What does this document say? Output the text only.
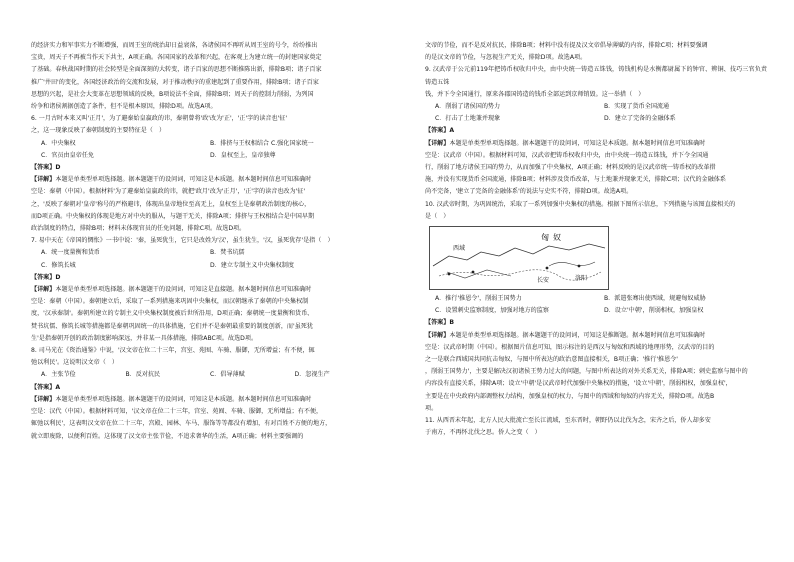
的经济实力和军事实力不断增强，而周王室的统治却日益衰落，各诸侯国不再听从周王室的号令，纷纷推出

宝贵，周天子不再被当作天下共主，A项正确。各国国家的改革和兴起，在客观上为建立统一的封建国家奠定

了基础。春秋战国时期的社会转型是全面深刻的大转变，诸子百家的思想不断推陈出新，排除B项；诸子百家

推广'井田'的变化，各国经济政治的交流和发展，对于推动秩序的重建起到了重要作用，排除B项；诸子百家

思想的兴起，是社会大变革在思想领域的反映，B项说法不全面，排除B项；周天子的控制力削弱，为列国

纷争和诸侯割据创造了条件，但不是根本原因，排除D项。故选A项。

6. 一月古时本来又叫'正月'，为了避秦始皇嬴政的讳，秦朝曾将'政'改为'正'，'正'字的读音也'征'

之，这一现象反映了秦朝制度的主要特征是（　）

A．中央集权	B．排挤与王权相结合 C.强化国家统一
C．官员由皇帝任免	D．皇权至上，皇帝独尊

【答案】D

【详解】本题是单类型单项选择题。据本题题干的设问词，可知这是本质题。据本题时间信息可知准确时

空是：秦朝（中国）。根据材料'为了避秦始皇嬴政的讳，就把'政月'改为'正月'，'正'字的读音也改为'征'

之，'反映了秦朝对'皇帝'称号的严格避讳，体现出皇帝地位至高无上，皇权至上是秦朝政治制度的核心，

而D项正确。中央集权的体现是地方对中央的服从，与题干无关，排除A项；排挤与王权相结合是中国早期

政治制度的特点，排除B项；材料未体现官员的任免问题，排除C项。故选D项。

7. 易中天在《帝国的惆怅》一书中说：'秦，虽死犹生，它只是改姓为'汉'，虽生犹生，'汉，虽死犹存'是指（　）

A．统一度量衡和货币	B．焚书坑儒
C．修筑长城	D．建立专制主义中央集权制度

【答案】D

【详解】本题是单类型单项选择题。据本题题干的设问词，可知这是直接题。据本题时间信息可知准确时

空是：秦朝（中国）。秦朝建立后，采取了一系列措施来巩固中央集权，而汉朝继承了秦朝的中央集权制

度，'汉承秦制'。秦朝所建立的专制主义中央集权制度被后世所沿用，D项正确；秦朝统一度量衡和货币、

焚书坑儒、修筑长城等措施都是秦朝巩固统一的具体措施，它们并不是秦朝最重要的制度创新，而'虽死犹

生'是指秦朝开创的政治制度影响深远，并非某一具体措施，排除ABC项。故选D项。

8. 司马光在《资治通鉴》中说，'汉文帝在位二十三年，宫室、苑囿、车骑、服御，无所增益；有不便，辄

弛以利民'。这说明汉文帝（　）

A．主张节俭	B．反对抗民	C．倡导薄赋	D．忽视生产

【答案】A

【详解】本题是单类型单项选择题。据本题题干的设问词，可知这是本质题。据本题时间信息可知准确时

空是：汉代（中国）。根据材料可知，'汉文帝在位二十三年，宫室、苑囿、车骑、服御，无所增益；有不便，

辄弛以利民'，这表明汉文帝在位二十三年，宫殿、园林、车马、服饰等等都没有增加，有对百姓不方便的地方，

就立即废除，以便利百姓。这体现了汉文帝主张节俭，不追求奢华的生活，A项正确；材料主要强调的

文帝的节俭，而不是反对抗民，排除B项；材料中没有提及汉文帝倡导薄赋的内容，排除C项；材料要强调

的是汉文帝的节俭，与忽视生产无关，排除D项。故选A项。

9. 汉武帝于公元前119年把铸币权收归中央，由中央统一铸造五铢钱，铸钱机构是水衡都尉属下的钟官、辨铜、技巧三官负责铸造五铢

钱，并下令全国通行，原来各郡国铸造的钱币全部运到京师销毁。这一举措（　）

A．削弱了诸侯国的势力	B．实现了货币全国流通
C．打击了土地兼并现象	D．建立了完备的金融体系

【答案】A

【详解】本题是单类型单项选择题。据本题题干的设问词，可知这是本质题。据本题时间信息可知准确时

空是：汉武帝（中国）。根据材料可知，汉武帝把铸币权收归中央，由中央统一铸造五铢钱，并下令全国通

行，削弱了地方诸侯王国的势力，从而加强了中央集权，A项正确；材料反映的是汉武帝统一铸币权的改革措

施，并没有实现货币全国流通，排除B项；材料涉及货币改革，与土地兼并现象无关，排除C项；汉代的金融体系

尚不完备，'建立了完备的金融体系'的说法与史实不符，排除D项。故选A项。

10. 汉武帝时期，为巩固统治，采取了一系列加强中央集权的措施。根据下图所示信息，下列措施与该图直接相关的

是（　）

匈 奴
长安
西域
洛阳
A．推行'推恩令'，削弱王国势力	B．派遣张骞出使西域，规避匈奴威胁
C．设置刺史监察制度，加强对地方的监察	D．设立'中朝'，削弱相权，加强皇权

【答案】B

【详解】本题是单类型单项选择题。据本题题干的设问词，可知这是推断题。据本题时间信息可知准确时

空是：汉武帝时期（中国）。根据图片信息可知，图示标注的是西汉与匈奴和西域的地理形势，汉武帝的目的

之一是联合西域国共同抗击匈奴，与图中所表达的政治意图直接相关，B项正确；'推行'推恩令'

，削弱王国势力'，主要是解决汉初诸侯王势力过大的问题，与图中所表达的对外关系无关，排除A项；刺史监察与图中的

内容没有直接关系，排除A项；设立'中朝'是汉武帝时代加强中央集权的措施，'设立'中朝'，削弱相权，加强皇权'，

主要是在中央政府内部调整权力结构，加强皇权的权力，与图中的西域和匈奴的内容无关，排除D项。故选B

项。

11. 从西晋末年起，北方人民大批流亡至长江流域，至东晋时，朝野仍以北伐为念，宋齐之后，侨人却多安

于南方，不再怀北伐之思。侨人之变（　）
